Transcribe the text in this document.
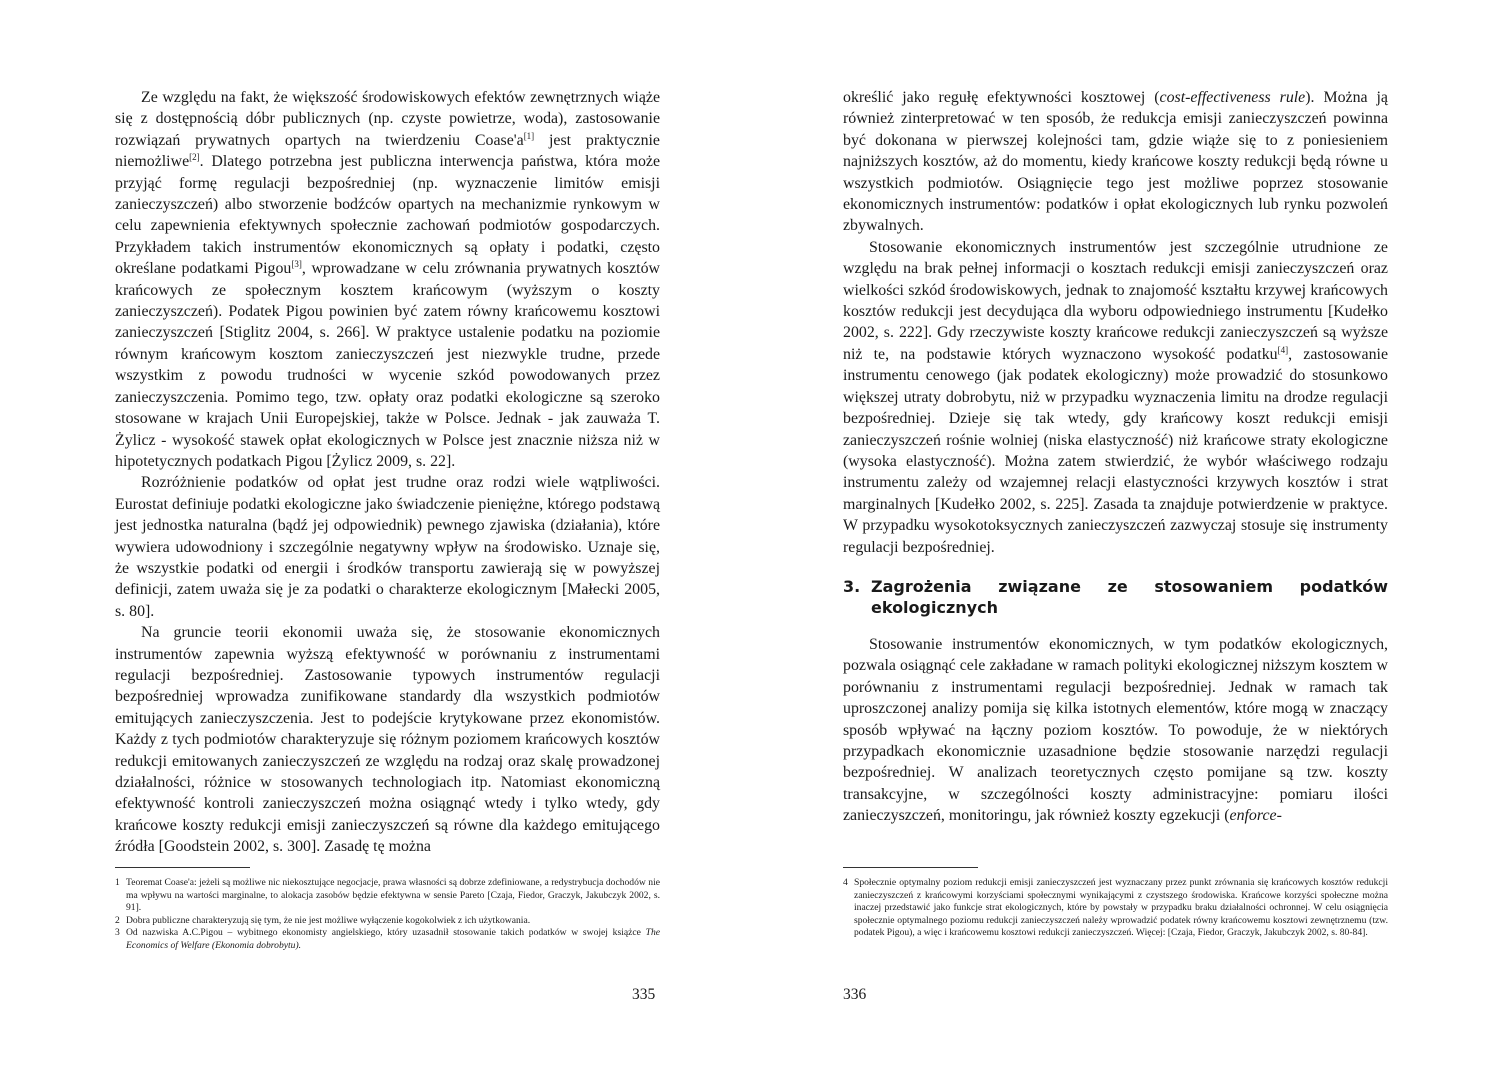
Ze względu na fakt, że większość środowiskowych efektów zewnętrznych wiąże się z dostępnością dóbr publicznych (np. czyste powietrze, woda), zastosowanie rozwiązań prywatnych opartych na twierdzeniu Coase'a[1] jest praktycznie niemożliwe[2]. Dlatego potrzebna jest publiczna interwencja państwa, która może przyjąć formę regulacji bezpośredniej (np. wyznaczenie limitów emisji zanieczyszczeń) albo stworzenie bodźców opartych na mechanizmie rynkowym w celu zapewnienia efektywnych społecznie zachowań podmiotów gospodarczych. Przykładem takich instrumentów ekonomicznych są opłaty i podatki, często określane podatkami Pigou[3], wprowadzane w celu zrównania prywatnych kosztów krańcowych ze społecznym kosztem krańcowym (wyższym o koszty zanieczyszczeń). Podatek Pigou powinien być zatem równy krańcowemu kosztowi zanieczyszczeń [Stiglitz 2004, s. 266]. W praktyce ustalenie podatku na poziomie równym krańcowym kosztom zanieczyszczeń jest niezwykle trudne, przede wszystkim z powodu trudności w wycenie szkód powodowanych przez zanieczyszczenia. Pomimo tego, tzw. opłaty oraz podatki ekologiczne są szeroko stosowane w krajach Unii Europejskiej, także w Polsce. Jednak - jak zauważa T. Żylicz - wysokość stawek opłat ekologicznych w Polsce jest znacznie niższa niż w hipotetycznych podatkach Pigou [Żylicz 2009, s. 22].

Rozróżnienie podatków od opłat jest trudne oraz rodzi wiele wątpliwości. Eurostat definiuje podatki ekologiczne jako świadczenie pieniężne, którego podstawą jest jednostka naturalna (bądź jej odpowiednik) pewnego zjawiska (działania), które wywiera udowodniony i szczególnie negatywny wpływ na środowisko. Uznaje się, że wszystkie podatki od energii i środków transportu zawierają się w powyższej definicji, zatem uważa się je za podatki o charakterze ekologicznym [Małecki 2005, s. 80].

Na gruncie teorii ekonomii uważa się, że stosowanie ekonomicznych instrumentów zapewnia wyższą efektywność w porównaniu z instrumentami regulacji bezpośredniej. Zastosowanie typowych instrumentów regulacji bezpośredniej wprowadza zunifikowane standardy dla wszystkich podmiotów emitujących zanieczyszczenia. Jest to podejście krytykowane przez ekonomistów. Każdy z tych podmiotów charakteryzuje się różnym poziomem krańcowych kosztów redukcji emitowanych zanieczyszczeń ze względu na rodzaj oraz skalę prowadzonej działalności, różnice w stosowanych technologiach itp. Natomiast ekonomiczną efektywność kontroli zanieczyszczeń można osiągnąć wtedy i tylko wtedy, gdy krańcowe koszty redukcji emisji zanieczyszczeń są równe dla każdego emitującego źródła [Goodstein 2002, s. 300]. Zasadę tę można

1 Teoremat Coase'a: jeżeli są możliwe nic niekosztujące negocjacje, prawa własności są dobrze zdefiniowane, a redystrybucja dochodów nie ma wpływu na wartości marginalne, to alokacja zasobów będzie efektywna w sensie Pareto [Czaja, Fiedor, Graczyk, Jakubczyk 2002, s. 91].
2 Dobra publiczne charakteryzują się tym, że nie jest możliwe wyłączenie kogokolwiek z ich użytkowania.
3 Od nazwiska A.C.Pigou – wybitnego ekonomisty angielskiego, który uzasadnił stosowanie takich podatków w swojej książce The Economics of Welfare (Ekonomia dobrobytu).
335

określić jako regułę efektywności kosztowej (cost-effectiveness rule). Można ją również zinterpretować w ten sposób, że redukcja emisji zanieczyszczeń powinna być dokonana w pierwszej kolejności tam, gdzie wiąże się to z poniesieniem najniższych kosztów, aż do momentu, kiedy krańcowe koszty redukcji będą równe u wszystkich podmiotów. Osiągnięcie tego jest możliwe poprzez stosowanie ekonomicznych instrumentów: podatków i opłat ekologicznych lub rynku pozwoleń zbywalnych.

Stosowanie ekonomicznych instrumentów jest szczególnie utrudnione ze względu na brak pełnej informacji o kosztach redukcji emisji zanieczyszczeń oraz wielkości szkód środowiskowych, jednak to znajomość kształtu krzywej krańcowych kosztów redukcji jest decydująca dla wyboru odpowiedniego instrumentu [Kudełko 2002, s. 222]. Gdy rzeczywiste koszty krańcowe redukcji zanieczyszczeń są wyższe niż te, na podstawie których wyznaczono wysokość podatku[4], zastosowanie instrumentu cenowego (jak podatek ekologiczny) może prowadzić do stosunkowo większej utraty dobrobytu, niż w przypadku wyznaczenia limitu na drodze regulacji bezpośredniej. Dzieje się tak wtedy, gdy krańcowy koszt redukcji emisji zanieczyszczeń rośnie wolniej (niska elastyczność) niż krańcowe straty ekologiczne (wysoka elastyczność). Można zatem stwierdzić, że wybór właściwego rodzaju instrumentu zależy od wzajemnej relacji elastyczności krzywych kosztów i strat marginalnych [Kudełko 2002, s. 225]. Zasada ta znajduje potwierdzenie w praktyce. W przypadku wysokotoksycznych zanieczyszczeń zazwyczaj stosuje się instrumenty regulacji bezpośredniej.

3. Zagrożenia związane ze stosowaniem podatków ekologicznych

Stosowanie instrumentów ekonomicznych, w tym podatków ekologicznych, pozwala osiągnąć cele zakładane w ramach polityki ekologicznej niższym kosztem w porównaniu z instrumentami regulacji bezpośredniej. Jednak w ramach tak uproszczonej analizy pomija się kilka istotnych elementów, które mogą w znaczący sposób wpływać na łączny poziom kosztów. To powoduje, że w niektórych przypadkach ekonomicznie uzasadnione będzie stosowanie narzędzi regulacji bezpośredniej. W analizach teoretycznych często pomijane są tzw. koszty transakcyjne, w szczególności koszty administracyjne: pomiaru ilości zanieczyszczeń, monitoringu, jak również koszty egzekucji (enforce-

4 Społecznie optymalny poziom redukcji emisji zanieczyszczeń jest wyznaczany przez punkt zrównania się krańcowych kosztów redukcji zanieczyszczeń z krańcowymi korzyściami społecznymi wynikającymi z czystszego środowiska. Krańcowe korzyści społeczne można inaczej przedstawić jako funkcje strat ekologicznych, które by powstały w przypadku braku działalności ochronnej. W celu osiągnięcia społecznie optymalnego poziomu redukcji zanieczyszczeń należy wprowadzić podatek równy krańcowemu kosztowi zewnętrznemu (tzw. podatek Pigou), a więc i krańcowemu kosztowi redukcji zanieczyszczeń. Więcej: [Czaja, Fiedor, Graczyk, Jakubczyk 2002, s. 80-84].
336
